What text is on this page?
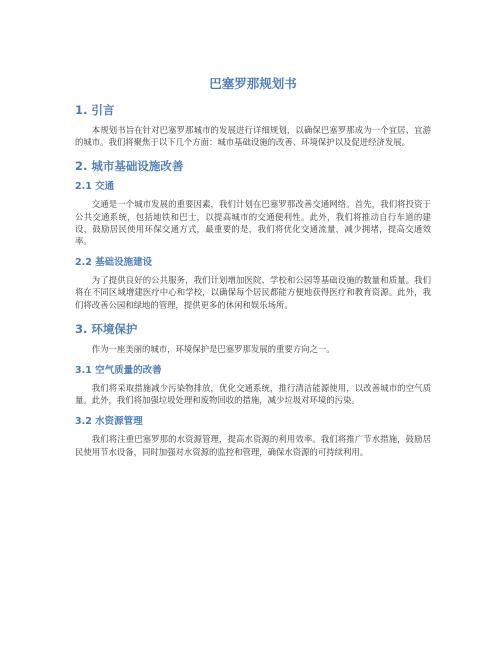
巴塞罗那规划书
1. 引言

本规划书旨在针对巴塞罗那城市的发展进行详细规划，以确保巴塞罗那成为一个宜居、宜游的城市。我们将聚焦于以下几个方面：城市基础设施的改善、环境保护以及促进经济发展。

2. 城市基础设施改善
2.1 交通

交通是一个城市发展的重要因素，我们计划在巴塞罗那改善交通网络。首先，我们将投资于公共交通系统，包括地铁和巴士，以提高城市的交通便利性。此外，我们将推动自行车道的建设，鼓励居民使用环保交通方式，最重要的是，我们将优化交通流量，减少拥堵，提高交通效率。

2.2 基础设施建设

为了提供良好的公共服务，我们计划增加医院、学校和公园等基础设施的数量和质量。我们将在不同区域增建医疗中心和学校，以确保每个居民都能方便地获得医疗和教育资源。此外，我们将改善公园和绿地的管理，提供更多的休闲和娱乐场所。

3. 环境保护

作为一座美丽的城市，环境保护是巴塞罗那发展的重要方向之一。

3.1 空气质量的改善

我们将采取措施减少污染物排放，优化交通系统，推行清洁能源使用，以改善城市的空气质量。此外，我们将加强垃圾处理和废物回收的措施，减少垃圾对环境的污染。

3.2 水资源管理

我们将注重巴塞罗那的水资源管理，提高水资源的利用效率。我们将推广节水措施，鼓励居民使用节水设备，同时加强对水资源的监控和管理，确保水资源的可持续利用。
